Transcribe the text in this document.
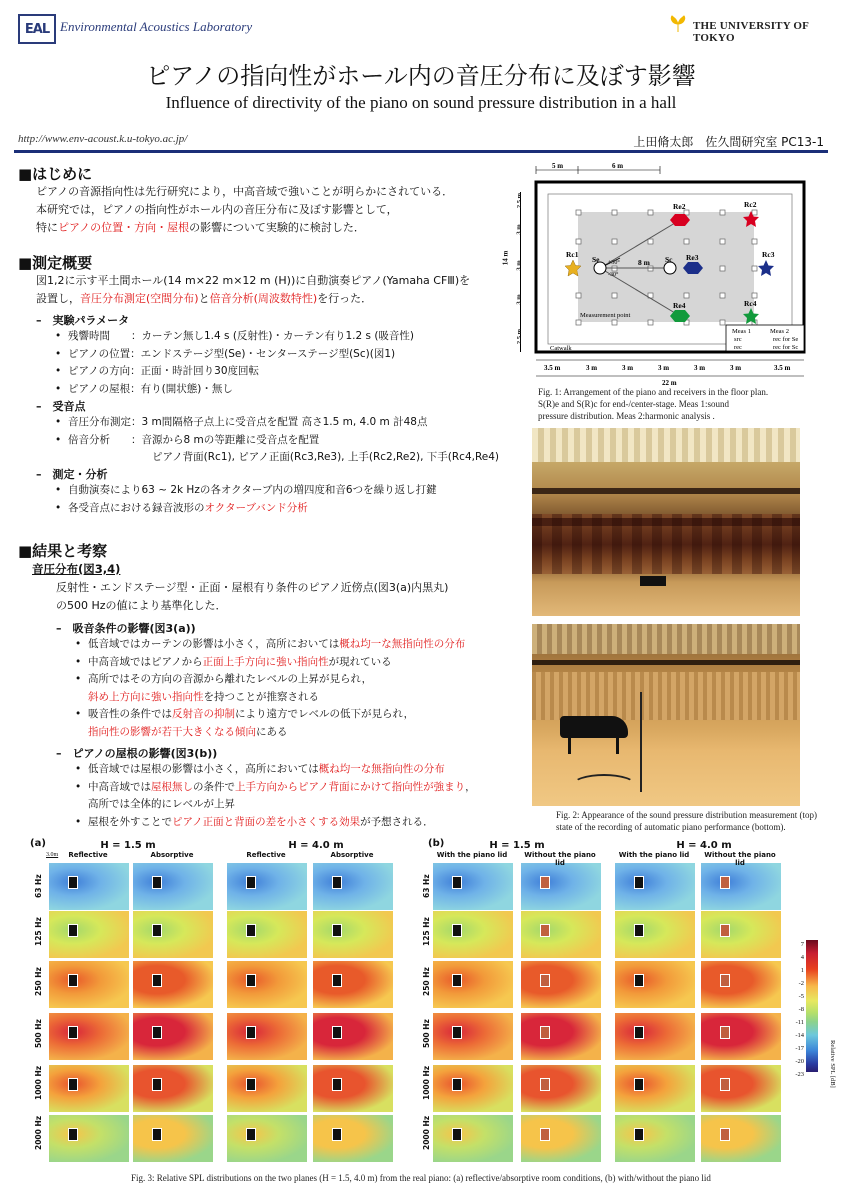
EAL Environmental Acoustics Laboratory	THE UNIVERSITY OF TOKYO
ピアノの指向性がホール内の音圧分布に及ぼす影響
Influence of directivity of the piano on sound pressure distribution in a hall
http://www.env-acoust.k.u-tokyo.ac.jp/	上田脩太郎　佐久間研究室 PC13-1
■はじめに
ピアノの音源指向性は先行研究により，中高音域で強いことが明らかにされている．
本研究では，ピアノの指向性がホール内の音圧分布に及ぼす影響として，
特にピアノの位置・方向・屋根の影響について実験的に検討した．
■測定概要
図1,2に示す平土間ホール(14 m×22 m×12 m (H))に自動演奏ピアノ(Yamaha CFⅢ)を
設置し，音圧分布測定(空間分布)と倍音分析(周波数特性)を行った．
–　実験パラメータ
• 残響時間　　：カーテン無し1.4 s (反射性)・カーテン有り1.2 s (吸音性)
• ピアノの位置：エンドステージ型(Se)・センターステージ型(Sc)(図1)
• ピアノの方向：正面・時計回り30度回転
• ピアノの屋根：有り(開状態)・無し
–　受音点
• 音圧分布測定：3 m間隔格子点上に受音点を配置 高さ1.5 m, 4.0 m 計48点
• 倍音分析　　：音源から8 mの等距離に受音点を配置
ピアノ背面(Rc1), ピアノ正面(Rc3,Re3), 上手(Rc2,Re2), 下手(Rc4,Re4)
–　測定・分析
• 自動演奏により63 ~ 2k Hzの各オクターブ内の増四度和音6つを繰り返し打鍵
• 各受音点における録音波形のオクターブバンド分析
■結果と考察
音圧分布(図3,4)
反射性・エンドステージ型・正面・屋根有り条件のピアノ近傍点(図3(a)内黒丸)
の500 Hzの値により基準化した．
–　吸音条件の影響(図3(a))
• 低音域ではカーテンの影響は小さく，高所においては概ね均一な無指向性の分布
• 中高音域ではピアノから正面上手方向に強い指向性が現れている
• 高所ではその方向の音源から離れたレベルの上昇が見られ，
斜め上方向に強い指向性を持つことが推察される
• 吸音性の条件では反射音の抑制により遠方でレベルの低下が見られ，
指向性の影響が若干大きくなる傾向にある
–　ピアノの屋根の影響(図3(b))
• 低音域では屋根の影響は小さく，高所においては概ね均一な無指向性の分布
• 中高音域では屋根無しの条件で上手方向からピアノ背面にかけて指向性が強まり，
高所では全体的にレベルが上昇
• 屋根を外すことでピアノ正面と背面の差を小さくする効果が予想される．
Re2	Rc2
Rc1
Se	Sc
8 m
Re3	Rc3
Re4	Rc4
+30°
-30°
Measurement point
Catwalk
Meas 1	Meas 2
src
rec
rec for Se
rec for Sc
5 m	6 m
3.5 m	3 m	3 m	3 m	3 m	3 m	3.5 m
22 m
14 m
2.5 m
3 m
3 m
3 m
2.5 m
Fig. 1: Arrangement of the piano and receivers in the floor plan.
S(R)e and S(R)c for end-/center-stage. Meas 1:sound
pressure distribution. Meas 2:harmonic analysis .
Fig. 2: Appearance of the sound pressure distribution measurement (top)
state of the recording of automatic piano performance (bottom).
(a)	(b)
H = 1.5 m	H = 4.0 m	H = 1.5 m	H = 4.0 m
3.0m
63 Hz	63 Hz
125 Hz	125 Hz
250 Hz	250 Hz
500 Hz	500 Hz
1000 Hz	1000 Hz
2000 Hz	2000 Hz
Reflective	Absorptive	Reflective	Absorptive	With the piano lid	Without the piano lid
With the piano lid	Without the piano lid
7
4
1
-2
-5
-8
-11
-14
-17
-20
-23	Relative SPL [dB]
Fig. 3: Relative SPL distributions on the two planes (H = 1.5, 4.0 m) from the real piano: (a) reflective/absorptive room conditions, (b) with/without the piano lid
